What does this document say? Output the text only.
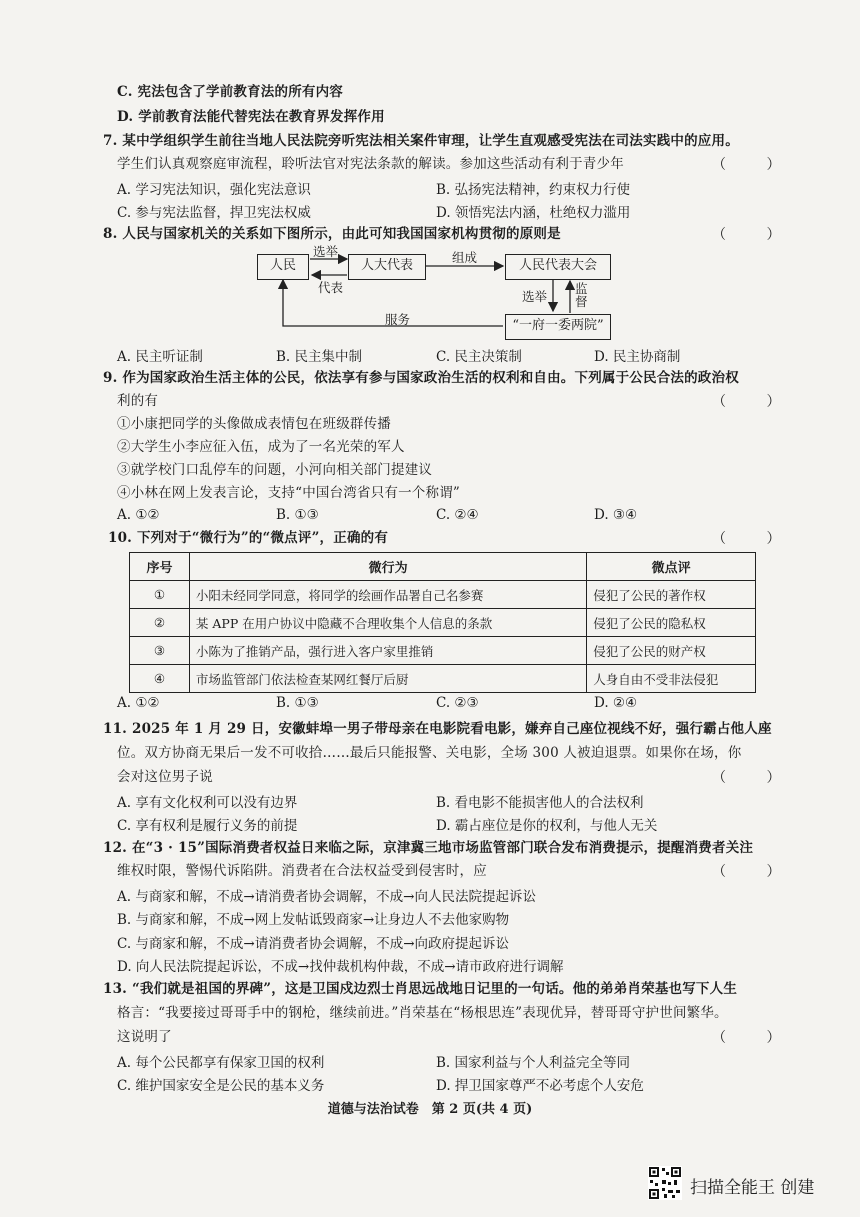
C. 宪法包含了学前教育法的所有内容
D. 学前教育法能代替宪法在教育界发挥作用
7. 某中学组织学生前往当地人民法院旁听宪法相关案件审理，让学生直观感受宪法在司法实践中的应用。
学生们认真观察庭审流程，聆听法官对宪法条款的解读。参加这些活动有利于青少年	（ ）
A. 学习宪法知识，强化宪法意识	B. 弘扬宪法精神，约束权力行使
C. 参与宪法监督，捍卫宪法权威	D. 领悟宪法内涵，杜绝权力滥用
8. 人民与国家机关的关系如下图所示，由此可知我国国家机构贯彻的原则是	（ ）
人民	人大代表	人民代表大会
“一府一委两院”
选举
代表
组成
选举
监督
服务
A. 民主听证制	B. 民主集中制	C. 民主决策制	D. 民主协商制
9. 作为国家政治生活主体的公民，依法享有参与国家政治生活的权利和自由。下列属于公民合法的政治权
利的有	（ ）
①小康把同学的头像做成表情包在班级群传播
②大学生小李应征入伍，成为了一名光荣的军人
③就学校门口乱停车的问题，小河向相关部门提建议
④小林在网上发表言论，支持“中国台湾省只有一个称谓”
A. ①②	B. ①③	C. ②④	D. ③④
10. 下列对于“微行为”的“微点评”，正确的有	（ ）
序号	微行为	微点评
①	小阳未经同学同意，将同学的绘画作品署自己名参赛	侵犯了公民的著作权
②	某 APP 在用户协议中隐藏不合理收集个人信息的条款	侵犯了公民的隐私权
③	小陈为了推销产品，强行进入客户家里推销	侵犯了公民的财产权
④	市场监管部门依法检查某网红餐厅后厨	人身自由不受非法侵犯
A. ①②	B. ①③	C. ②③	D. ②④
11. 2025 年 1 月 29 日，安徽蚌埠一男子带母亲在电影院看电影，嫌弃自己座位视线不好，强行霸占他人座
位。双方协商无果后一发不可收拾……最后只能报警、关电影，全场 300 人被迫退票。如果你在场，你
会对这位男子说	（ ）
A. 享有文化权利可以没有边界	B. 看电影不能损害他人的合法权利
C. 享有权利是履行义务的前提	D. 霸占座位是你的权利，与他人无关
12. 在“3 · 15”国际消费者权益日来临之际，京津冀三地市场监管部门联合发布消费提示，提醒消费者关注
维权时限，警惕代诉陷阱。消费者在合法权益受到侵害时，应	（ ）
A. 与商家和解，不成→请消费者协会调解，不成→向人民法院提起诉讼
B. 与商家和解，不成→网上发帖诋毁商家→让身边人不去他家购物
C. 与商家和解，不成→请消费者协会调解，不成→向政府提起诉讼
D. 向人民法院提起诉讼，不成→找仲裁机构仲裁，不成→请市政府进行调解
13. “我们就是祖国的界碑”，这是卫国戍边烈士肖思远战地日记里的一句话。他的弟弟肖荣基也写下人生
格言：“我要接过哥哥手中的钢枪，继续前进。”肖荣基在“杨根思连”表现优异，替哥哥守护世间繁华。
这说明了	（ ）
A. 每个公民都享有保家卫国的权利	B. 国家利益与个人利益完全等同
C. 维护国家安全是公民的基本义务	D. 捍卫国家尊严不必考虑个人安危
道德与法治试卷　第 2 页(共 4 页)
扫描全能王 创建
